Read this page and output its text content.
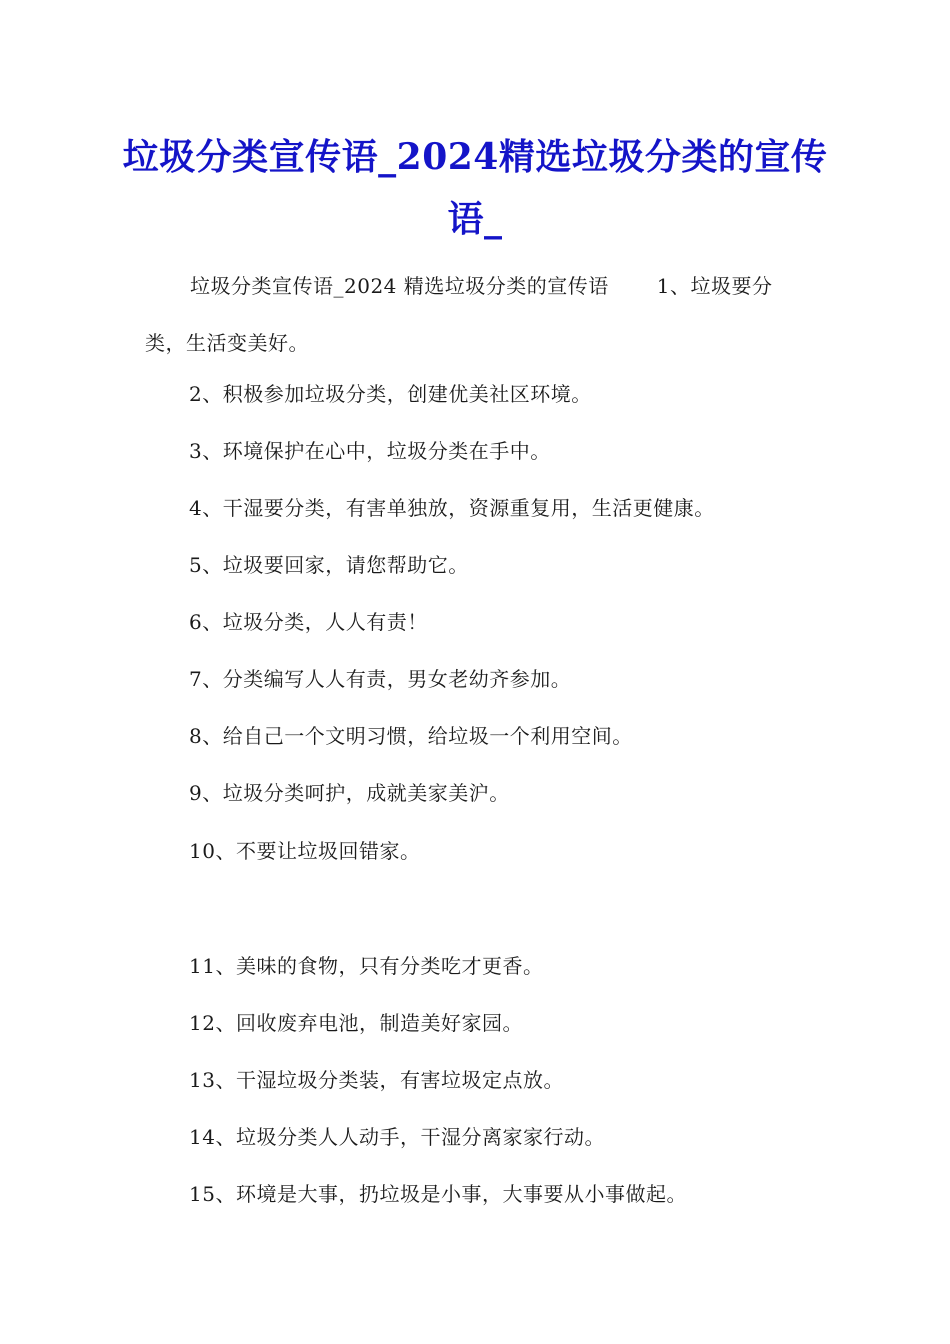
垃圾分类宣传语_2024精选垃圾分类的宣传语_

垃圾分类宣传语_2024 精选垃圾分类的宣传语 1、垃圾要分类，生活变美好。

2、积极参加垃圾分类，创建优美社区环境。

3、环境保护在心中，垃圾分类在手中。

4、干湿要分类，有害单独放，资源重复用，生活更健康。

5、垃圾要回家，请您帮助它。

6、垃圾分类，人人有责！

7、分类编写人人有责，男女老幼齐参加。

8、给自己一个文明习惯，给垃圾一个利用空间。

9、垃圾分类呵护，成就美家美沪。

10、不要让垃圾回错家。

11、美味的食物，只有分类吃才更香。

12、回收废弃电池，制造美好家园。

13、干湿垃圾分类装，有害垃圾定点放。

14、垃圾分类人人动手，干湿分离家家行动。

15、环境是大事，扔垃圾是小事，大事要从小事做起。
